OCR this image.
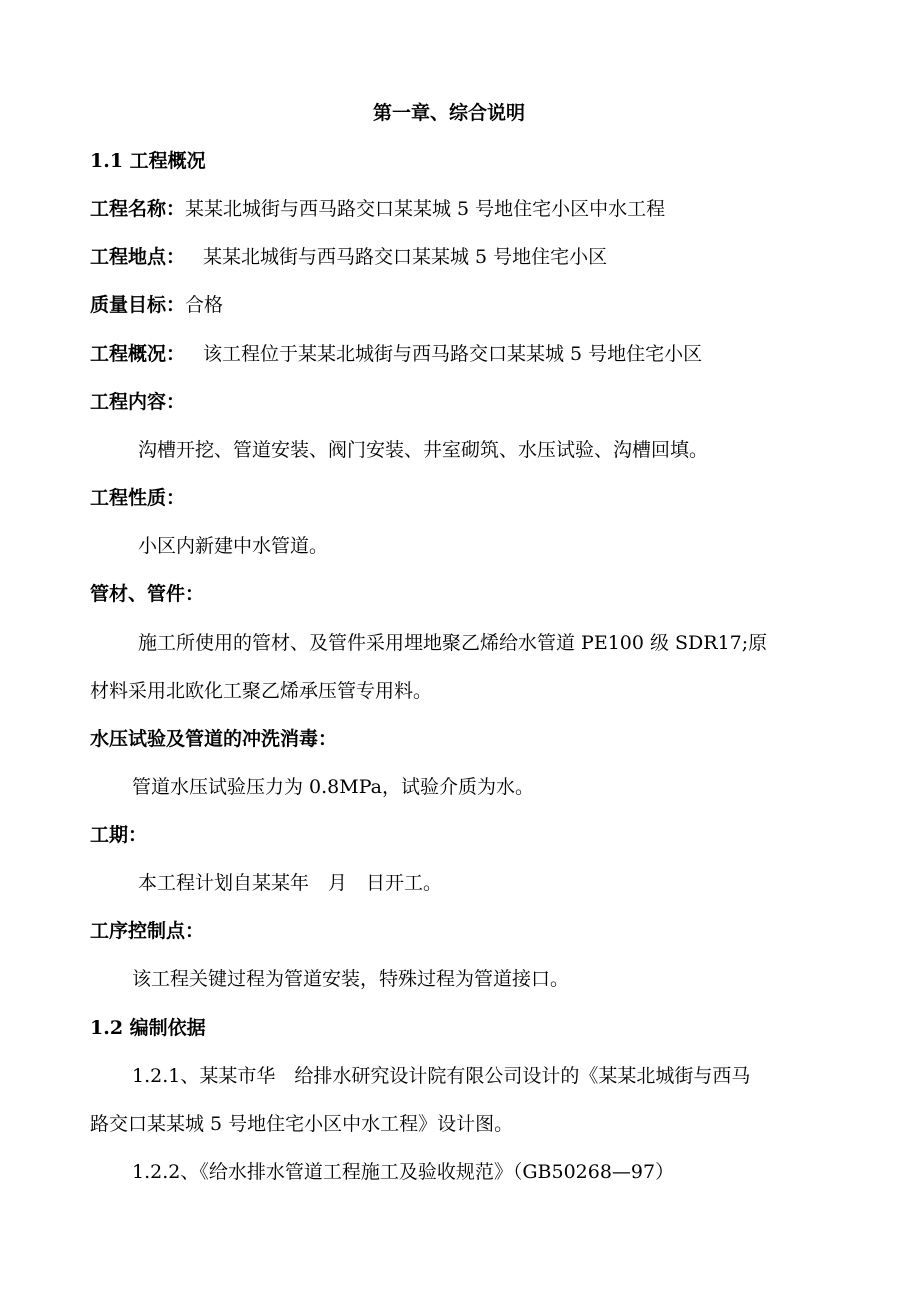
第一章、综合说明
1.1 工程概况
工程名称：某某北城街与西马路交口某某城 5 号地住宅小区中水工程
工程地点： 某某北城街与西马路交口某某城 5 号地住宅小区
质量目标：合格
工程概况： 该工程位于某某北城街与西马路交口某某城 5 号地住宅小区
工程内容：
沟槽开挖、管道安装、阀门安装、井室砌筑、水压试验、沟槽回填。
工程性质：
小区内新建中水管道。
管材、管件：
施工所使用的管材、及管件采用埋地聚乙烯给水管道 PE100 级 SDR17;原
材料采用北欧化工聚乙烯承压管专用料。
水压试验及管道的冲洗消毒：
管道水压试验压力为 0.8MPa，试验介质为水。
工期：
本工程计划自某某年　月　日开工。
工序控制点：
该工程关键过程为管道安装，特殊过程为管道接口。
1.2 编制依据
1.2.1、某某市华　给排水研究设计院有限公司设计的《某某北城街与西马
路交口某某城 5 号地住宅小区中水工程》设计图。
1.2.2、《给水排水管道工程施工及验收规范》（GB50268—97）
